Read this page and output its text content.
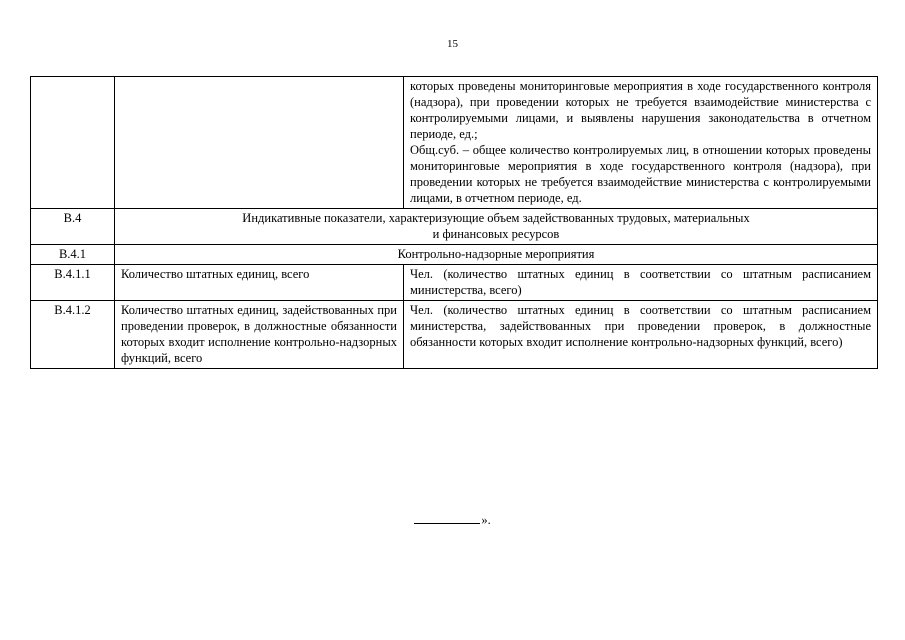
15

		которых проведены мониторинговые мероприятия в ходе государственного контроля (надзора), при проведении которых не требуется взаимодействие министерства с контролируемыми лицами, и выявлены нарушения законодательства в отчетном периоде, ед.;
Общ.суб. – общее количество контролируемых лиц, в отношении которых проведены мониторинговые мероприятия в ходе государственного контроля (надзора), при проведении которых не требуется взаимодействие министерства с контролируемыми лицами, в отчетном периоде, ед.

В.4	Индикативные показатели, характеризующие объем задействованных трудовых, материальных
и финансовых ресурсов	
В.4.1	Контрольно-надзорные мероприятия	
В.4.1.1	Количество штатных единиц, всего	Чел. (количество штатных единиц в соответствии со штатным расписанием министерства, всего)
В.4.1.2	Количество штатных единиц, задействованных при проведении проверок, в должностные обязанности которых входит исполнение контрольно-надзорных функций, всего	Чел. (количество штатных единиц в соответствии со штатным расписанием министерства, задействованных при проведении проверок, в должностные обязанности которых входит исполнение контрольно-надзорных функций, всего)
».
